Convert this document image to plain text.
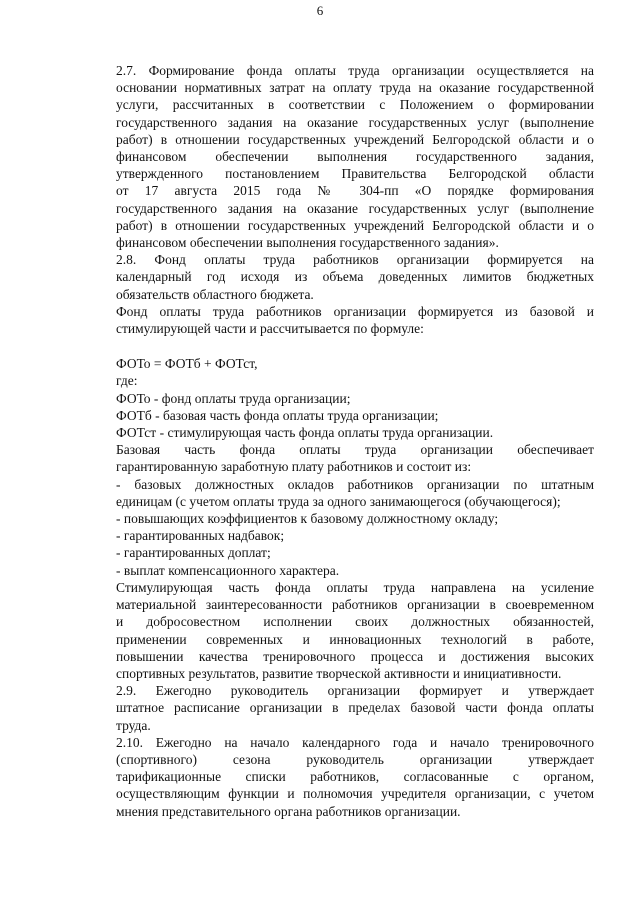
6

2.7. Формирование фонда оплаты труда организации осуществляется на
основании нормативных затрат на оплату труда на оказание государственной
услуги, рассчитанных в соответствии с Положением о формировании
государственного задания на оказание государственных услуг (выполнение
работ) в отношении государственных учреждений Белгородской области и о
финансовом обеспечении выполнения государственного задания,
утвержденного постановлением Правительства Белгородской области
от 17 августа 2015 года № 304-пп «О порядке формирования
государственного задания на оказание государственных услуг (выполнение
работ) в отношении государственных учреждений Белгородской области и о
финансовом обеспечении выполнения государственного задания».

2.8. Фонд оплаты труда работников организации формируется на
календарный год исходя из объема доведенных лимитов бюджетных
обязательств областного бюджета.

Фонд оплаты труда работников организации формируется из базовой и
стимулирующей части и рассчитывается по формуле:

ФОТо = ФОТб + ФОТст,

где:

ФОТо - фонд оплаты труда организации;
ФОТб - базовая часть фонда оплаты труда организации;
ФОТст - стимулирующая часть фонда оплаты труда организации.

Базовая часть фонда оплаты труда организации обеспечивает
гарантированную заработную плату работников и состоит из:

- базовых должностных окладов работников организации по штатным
единицам (с учетом оплаты труда за одного занимающегося (обучающегося);

- повышающих коэффициентов к базовому должностному окладу;

- гарантированных надбавок;

- гарантированных доплат;

- выплат компенсационного характера.

Стимулирующая часть фонда оплаты труда направлена на усиление
материальной заинтересованности работников организации в своевременном
и добросовестном исполнении своих должностных обязанностей,
применении современных и инновационных технологий в работе,
повышении качества тренировочного процесса и достижения высоких
спортивных результатов, развитие творческой активности и инициативности.

2.9. Ежегодно руководитель организации формирует и утверждает
штатное расписание организации в пределах базовой части фонда оплаты
труда.

2.10. Ежегодно на начало календарного года и начало тренировочного
(спортивного) сезона руководитель организации утверждает
тарификационные списки работников, согласованные с органом,
осуществляющим функции и полномочия учредителя организации, с учетом
мнения представительного органа работников организации.
